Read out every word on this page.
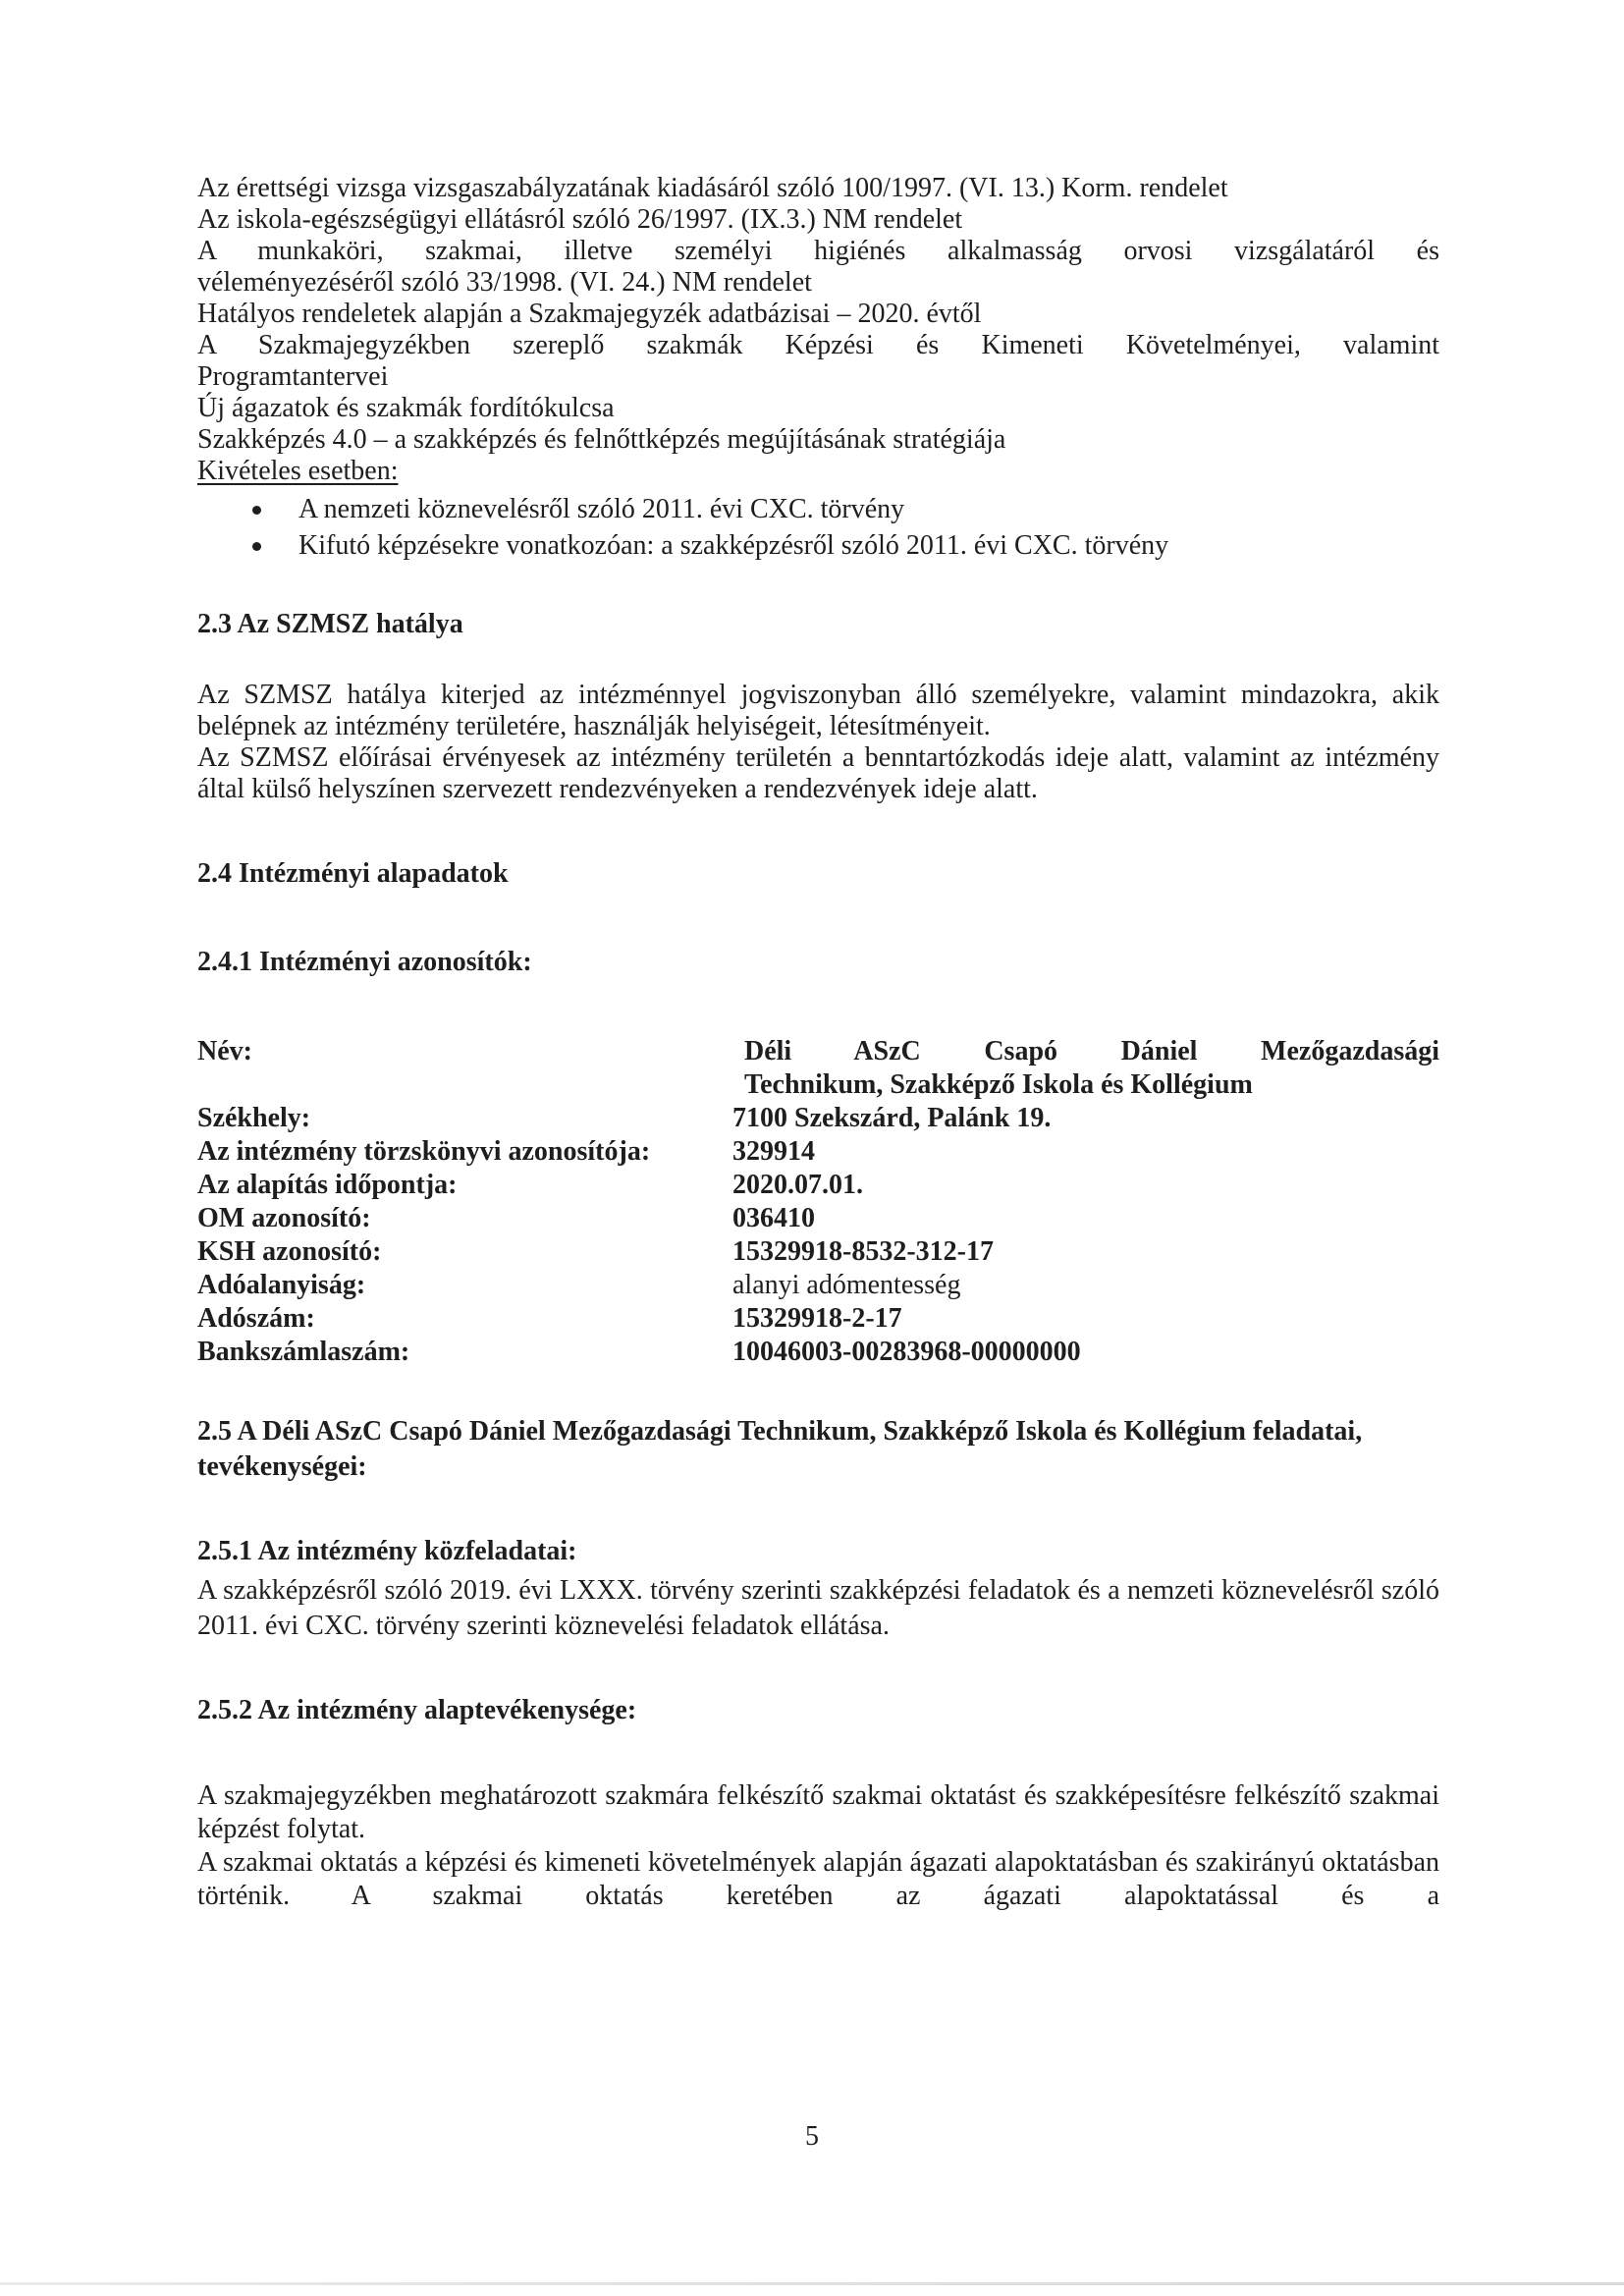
Az érettségi vizsga vizsgaszabályzatának kiadásáról szóló 100/1997. (VI. 13.) Korm. rendelet

Az iskola-egészségügyi ellátásról szóló 26/1997. (IX.3.) NM rendelet

A munkaköri, szakmai, illetve személyi higiénés alkalmasság orvosi vizsgálatáról és

véleményezéséről szóló 33/1998. (VI. 24.) NM rendelet

Hatályos rendeletek alapján a Szakmajegyzék adatbázisai – 2020. évtől

A Szakmajegyzékben szereplő szakmák Képzési és Kimeneti Követelményei, valamint

Programtantervei

Új ágazatok és szakmák fordítókulcsa

Szakképzés 4.0 – a szakképzés és felnőttképzés megújításának stratégiája

Kivételes esetben:

A nemzeti köznevelésről szóló 2011. évi CXC. törvény
Kifutó képzésekre vonatkozóan: a szakképzésről szóló 2011. évi CXC. törvény
2.3 Az SZMSZ hatálya

Az SZMSZ hatálya kiterjed az intézménnyel jogviszonyban álló személyekre, valamint mindazokra, akik belépnek az intézmény területére, használják helyiségeit, létesítményeit.

Az SZMSZ előírásai érvényesek az intézmény területén a benntartózkodás ideje alatt, valamint az intézmény által külső helyszínen szervezett rendezvényeken a rendezvények ideje alatt.

2.4 Intézményi alapadatok
2.4.1 Intézményi azonosítók:
Név:	Déli ASzC Csapó Dániel Mezőgazdasági
Technikum, Szakképző Iskola és Kollégium
Székhely:	7100 Szekszárd, Palánk 19.
Az intézmény törzskönyvi azonosítója:	329914
Az alapítás időpontja:	2020.07.01.
OM azonosító:	036410
KSH azonosító:	15329918-8532-312-17
Adóalanyiság:	alanyi adómentesség
Adószám:	15329918-2-17
Bankszámlaszám:	10046003-00283968-00000000
2.5 A Déli ASzC Csapó Dániel Mezőgazdasági Technikum, Szakképző Iskola és Kollégium feladatai, tevékenységei:
2.5.1 Az intézmény közfeladatai:

A szakképzésről szóló 2019. évi LXXX. törvény szerinti szakképzési feladatok és a nemzeti köznevelésről szóló 2011. évi CXC. törvény szerinti köznevelési feladatok ellátása.

2.5.2 Az intézmény alaptevékenysége:

A szakmajegyzékben meghatározott szakmára felkészítő szakmai oktatást és szakképesítésre felkészítő szakmai képzést folytat.

A szakmai oktatás a képzési és kimeneti követelmények alapján ágazati alapoktatásban és szakirányú oktatásban történik. A szakmai oktatás keretében az ágazati alapoktatással és a

5
